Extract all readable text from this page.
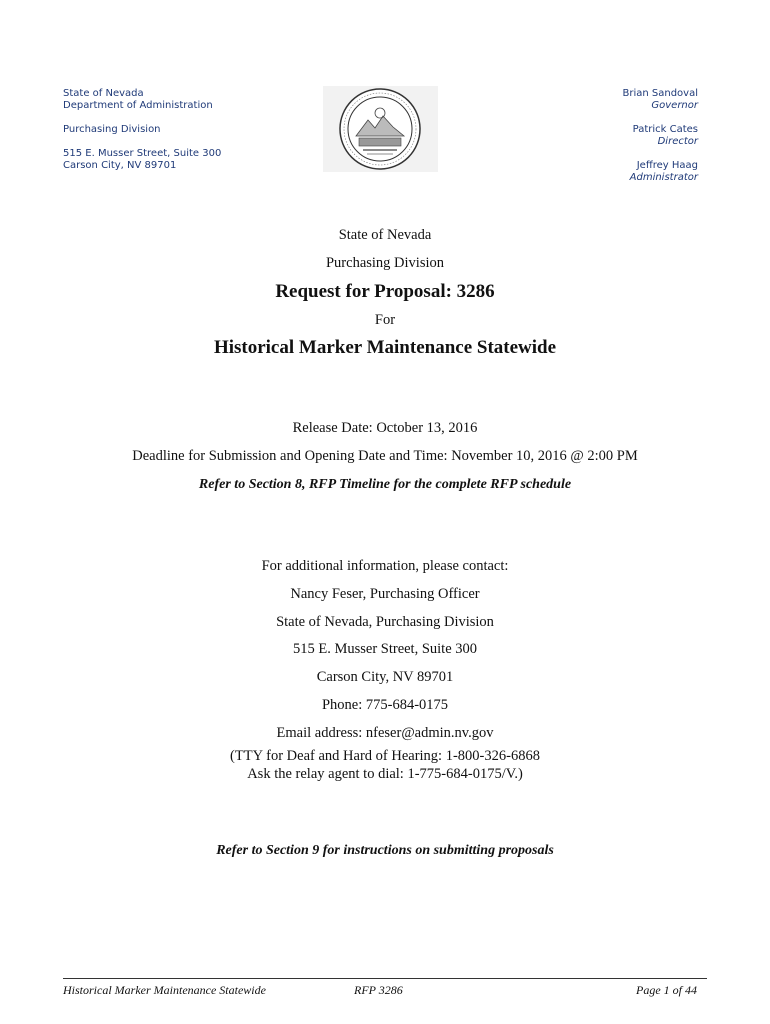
State of Nevada
Department of Administration
Purchasing Division
515 E. Musser Street, Suite 300
Carson City, NV 89701
Brian Sandoval
Governor
Patrick Cates
Director
Jeffrey Haag
Administrator
State of Nevada
Purchasing Division
Request for Proposal: 3286
For
Historical Marker Maintenance Statewide
Release Date: October 13, 2016
Deadline for Submission and Opening Date and Time: November 10, 2016 @ 2:00 PM
Refer to Section 8, RFP Timeline for the complete RFP schedule
For additional information, please contact:
Nancy Feser, Purchasing Officer
State of Nevada, Purchasing Division
515 E. Musser Street, Suite 300
Carson City, NV 89701
Phone: 775-684-0175
Email address: nfeser@admin.nv.gov
(TTY for Deaf and Hard of Hearing: 1-800-326-6868
Ask the relay agent to dial: 1-775-684-0175/V.)
Refer to Section 9 for instructions on submitting proposals
Historical Marker Maintenance Statewide	RFP 3286	Page 1 of 44
